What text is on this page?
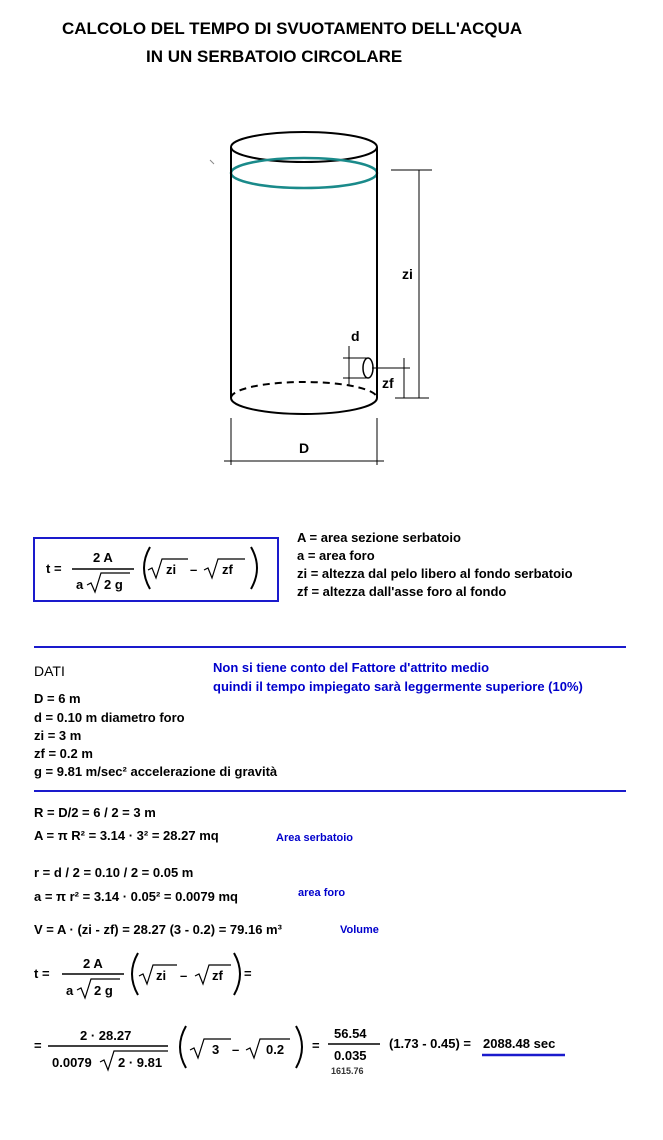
CALCOLO DEL TEMPO DI SVUOTAMENTO DELL'ACQUA
IN UN SERBATOIO CIRCOLARE
zi
d
zf
D
t =
2 A
a 2 g
zi – zf
A = area sezione serbatoio
a = area foro
zi = altezza dal pelo libero al fondo serbatoio
zf = altezza dall'asse foro al fondo
DATI	Non si tiene conto del Fattore d'attrito medio
quindi il tempo impiegato sarà leggermente superiore (10%)
D = 6 m
d = 0.10 m diametro foro
zi = 3 m
zf = 0.2 m
g = 9.81 m/sec² accelerazione di gravità
R = D/2 = 6 / 2 = 3 m
A = π R² = 3.14 · 3² = 28.27 mq	Area serbatoio
r = d / 2 = 0.10 / 2 = 0.05 m
a = π r² = 3.14 · 0.05² = 0.0079 mq	area foro
V = A · (zi - zf) = 28.27 (3 - 0.2) = 79.16 m³	Volume
t =
2 A
a 2 g
zi – zf =
=
2 · 28.27
0.0079 2 · 9.81
3 – 0.2 =
56.54
0.035
1615.76
(1.73 - 0.45) = 2088.48 sec
